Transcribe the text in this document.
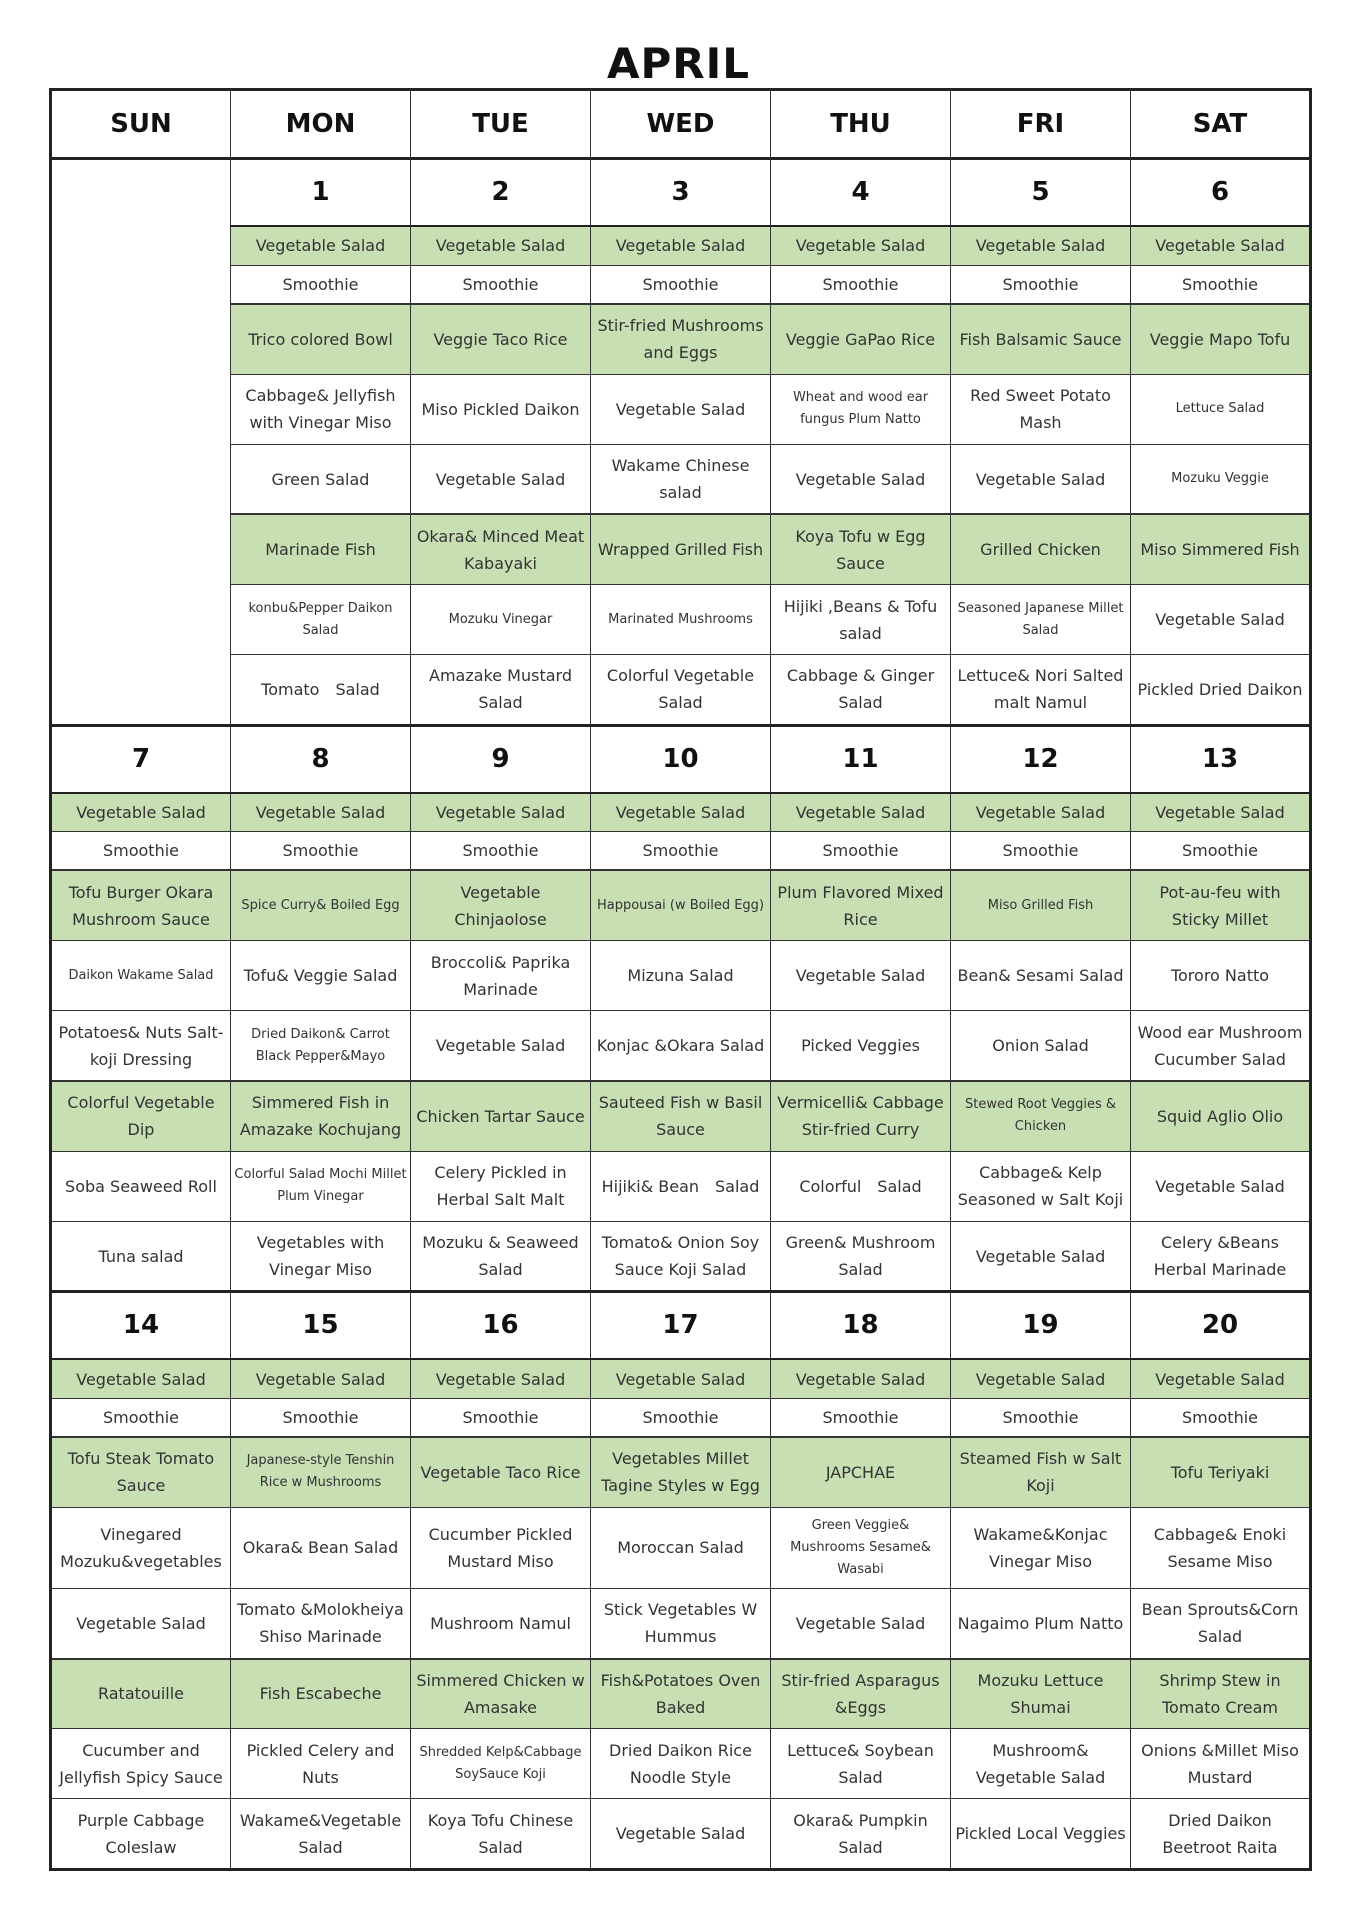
APRIL
SUN	MON	TUE	WED	THU	FRI	SAT
	1	2	3	4	5	6
	Vegetable Salad	Vegetable Salad	Vegetable Salad	Vegetable Salad	Vegetable Salad	Vegetable Salad
	Smoothie	Smoothie	Smoothie	Smoothie	Smoothie	Smoothie
	Trico colored Bowl	Veggie Taco Rice	Stir-fried Mushrooms and Eggs	Veggie GaPao Rice	Fish Balsamic Sauce	Veggie Mapo Tofu
	Cabbage& Jellyfish with Vinegar Miso	Miso Pickled Daikon	Vegetable Salad	Wheat and wood ear fungus Plum Natto	Red Sweet Potato Mash	Lettuce Salad
	Green Salad	Vegetable Salad	Wakame Chinese salad	Vegetable Salad	Vegetable Salad	Mozuku Veggie
	Marinade Fish	Okara& Minced Meat Kabayaki	Wrapped Grilled Fish	Koya Tofu w Egg Sauce	Grilled Chicken	Miso Simmered Fish
	konbu&Pepper Daikon Salad	Mozuku Vinegar	Marinated Mushrooms	Hijiki ,Beans & Tofu salad	Seasoned Japanese Millet Salad	Vegetable Salad
	Tomato　Salad	Amazake Mustard Salad	Colorful Vegetable Salad	Cabbage & Ginger Salad	Lettuce& Nori Salted malt Namul	Pickled Dried Daikon
7	8	9	10	11	12	13
Vegetable Salad	Vegetable Salad	Vegetable Salad	Vegetable Salad	Vegetable Salad	Vegetable Salad	Vegetable Salad
Smoothie	Smoothie	Smoothie	Smoothie	Smoothie	Smoothie	Smoothie
Tofu Burger Okara Mushroom Sauce	Spice Curry& Boiled Egg	Vegetable Chinjaolose	Happousai (w Boiled Egg)	Plum Flavored Mixed Rice	Miso Grilled Fish	Pot-au-feu with Sticky Millet
Daikon Wakame Salad	Tofu& Veggie Salad	Broccoli& Paprika Marinade	Mizuna Salad	Vegetable Salad	Bean& Sesami Salad	Tororo Natto
Potatoes& Nuts Salt-koji Dressing	Dried Daikon& Carrot Black Pepper&Mayo	Vegetable Salad	Konjac &Okara Salad	Picked Veggies	Onion Salad	Wood ear Mushroom Cucumber Salad
Colorful Vegetable Dip	Simmered Fish in Amazake Kochujang	Chicken Tartar Sauce	Sauteed Fish w Basil Sauce	Vermicelli& Cabbage Stir-fried Curry	Stewed Root Veggies & Chicken	Squid Aglio Olio
Soba Seaweed Roll	Colorful Salad Mochi Millet Plum Vinegar	Celery Pickled in Herbal Salt Malt	Hijiki& Bean　Salad	Colorful　Salad	Cabbage& Kelp Seasoned w Salt Koji	Vegetable Salad
Tuna salad	Vegetables with Vinegar Miso	Mozuku & Seaweed Salad	Tomato& Onion Soy Sauce Koji Salad	Green& Mushroom Salad	Vegetable Salad	Celery &Beans Herbal Marinade
14	15	16	17	18	19	20
Vegetable Salad	Vegetable Salad	Vegetable Salad	Vegetable Salad	Vegetable Salad	Vegetable Salad	Vegetable Salad
Smoothie	Smoothie	Smoothie	Smoothie	Smoothie	Smoothie	Smoothie
Tofu Steak Tomato Sauce	Japanese-style Tenshin Rice w Mushrooms	Vegetable Taco Rice	Vegetables Millet Tagine Styles w Egg	JAPCHAE	Steamed Fish w Salt Koji	Tofu Teriyaki
Vinegared Mozuku&vegetables	Okara& Bean Salad	Cucumber Pickled Mustard Miso	Moroccan Salad	Green Veggie& Mushrooms Sesame& Wasabi	Wakame&Konjac Vinegar Miso	Cabbage& Enoki Sesame Miso
Vegetable Salad	Tomato &Molokheiya Shiso Marinade	Mushroom Namul	Stick Vegetables W Hummus	Vegetable Salad	Nagaimo Plum Natto	Bean Sprouts&Corn Salad
Ratatouille	Fish Escabeche	Simmered Chicken w Amasake	Fish&Potatoes Oven Baked	Stir-fried Asparagus &Eggs	Mozuku Lettuce Shumai	Shrimp Stew in Tomato Cream
Cucumber and Jellyfish Spicy Sauce	Pickled Celery and Nuts	Shredded Kelp&Cabbage SoySauce Koji	Dried Daikon Rice Noodle Style	Lettuce& Soybean Salad	Mushroom& Vegetable Salad	Onions &Millet Miso Mustard
Purple Cabbage Coleslaw	Wakame&Vegetable Salad	Koya Tofu Chinese Salad	Vegetable Salad	Okara& Pumpkin Salad	Pickled Local Veggies	Dried Daikon Beetroot Raita
